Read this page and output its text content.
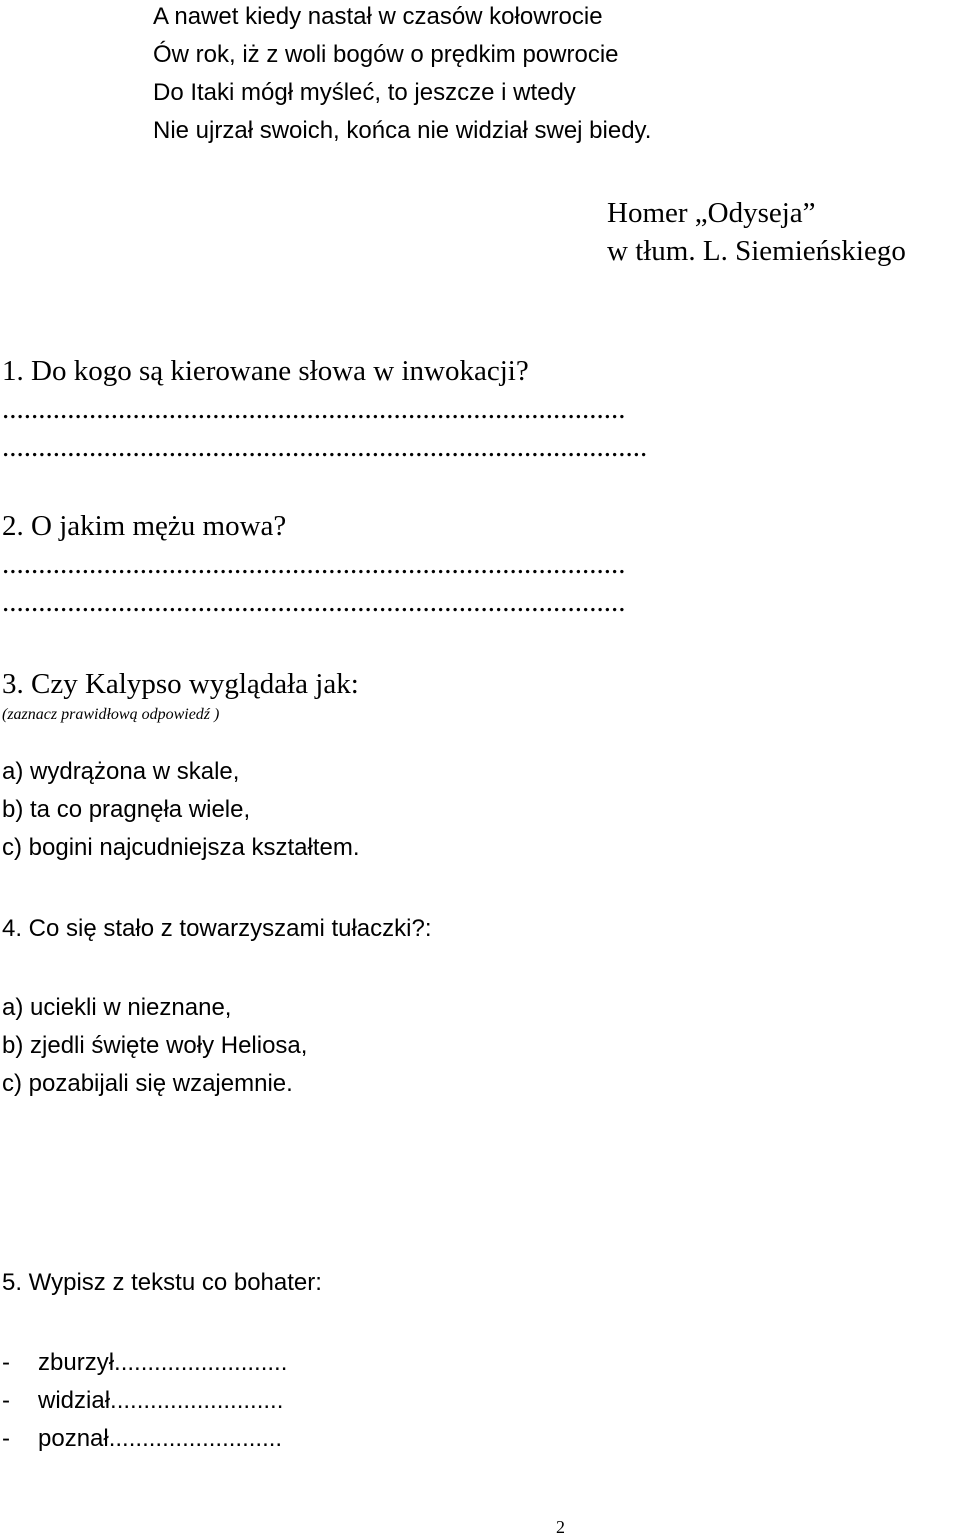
A nawet kiedy nastał w czasów kołowrocie
Ów rok, iż z woli bogów o prędkim powrocie
Do Itaki mógł myśleć, to jeszcze i wtedy
Nie ujrzał swoich, końca nie widział swej biedy.
Homer „Odyseja”
w tłum. L. Siemieńskiego
1. Do kogo są kierowane słowa w inwokacji?
......................................................................................
.........................................................................................
2. O jakim mężu mowa?
......................................................................................
......................................................................................
3. Czy Kalypso wyglądała jak:
(zaznacz prawidłową odpowiedź )
a) wydrążona w skale,
b) ta co pragnęła wiele,
c) bogini najcudniejsza kształtem.
4. Co się stało z towarzyszami tułaczki?:
a) uciekli w nieznane,
b) zjedli święte woły Heliosa,
c) pozabijali się wzajemnie.
5. Wypisz z tekstu co bohater:
- zburzył..........................
- widział..........................
- poznał..........................
2
